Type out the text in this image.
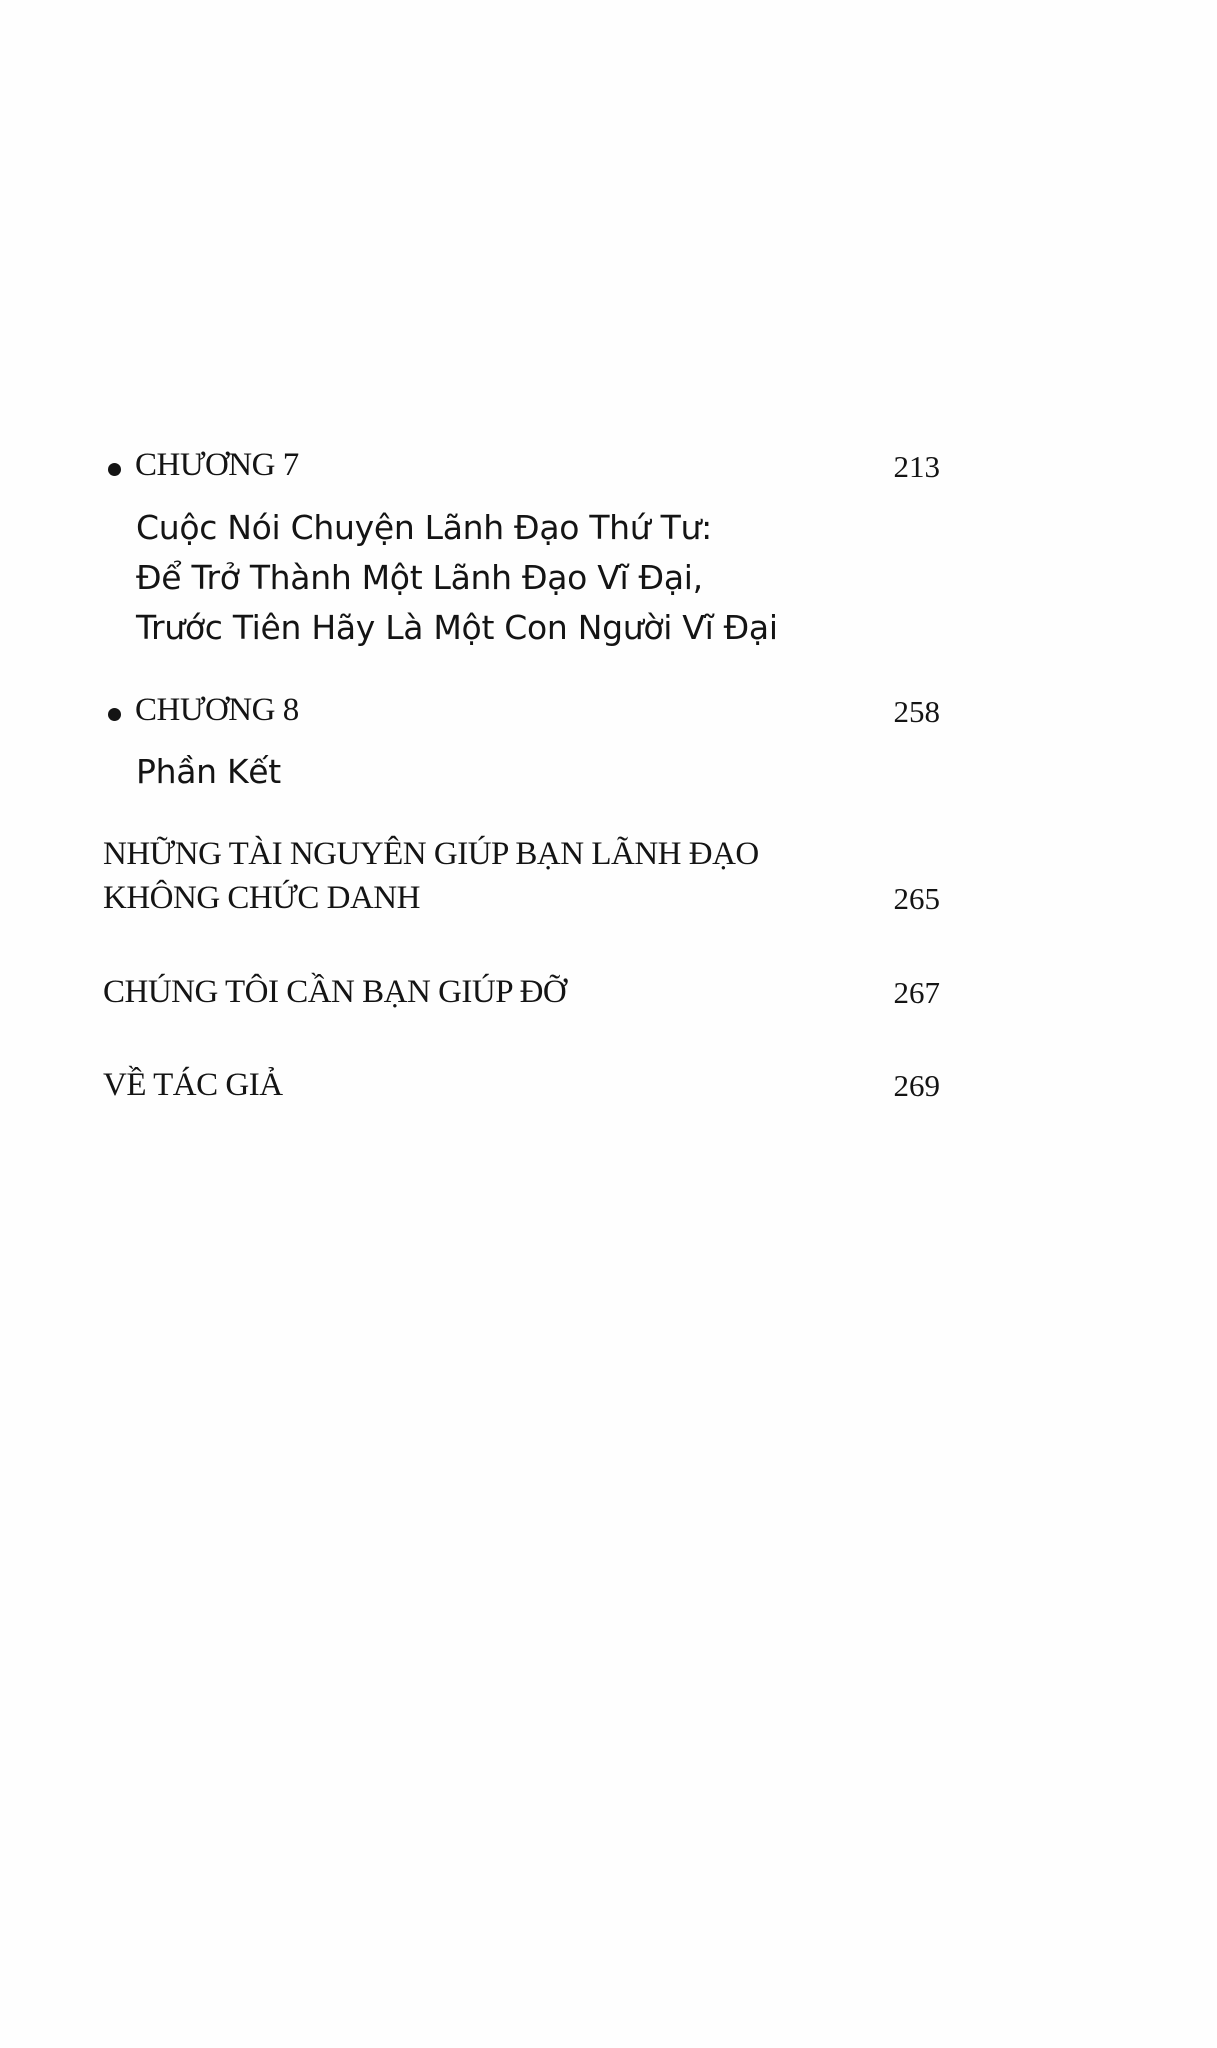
CHƯƠNG 7	213
Cuộc Nói Chuyện Lãnh Đạo Thứ Tư:
Để Trở Thành Một Lãnh Đạo Vĩ Đại,
Trước Tiên Hãy Là Một Con Người Vĩ Đại
CHƯƠNG 8	258
Phần Kết
NHỮNG TÀI NGUYÊN GIÚP BẠN LÃNH ĐẠO
KHÔNG CHỨC DANH	265
CHÚNG TÔI CẦN BẠN GIÚP ĐỠ	267
VỀ TÁC GIẢ	269
